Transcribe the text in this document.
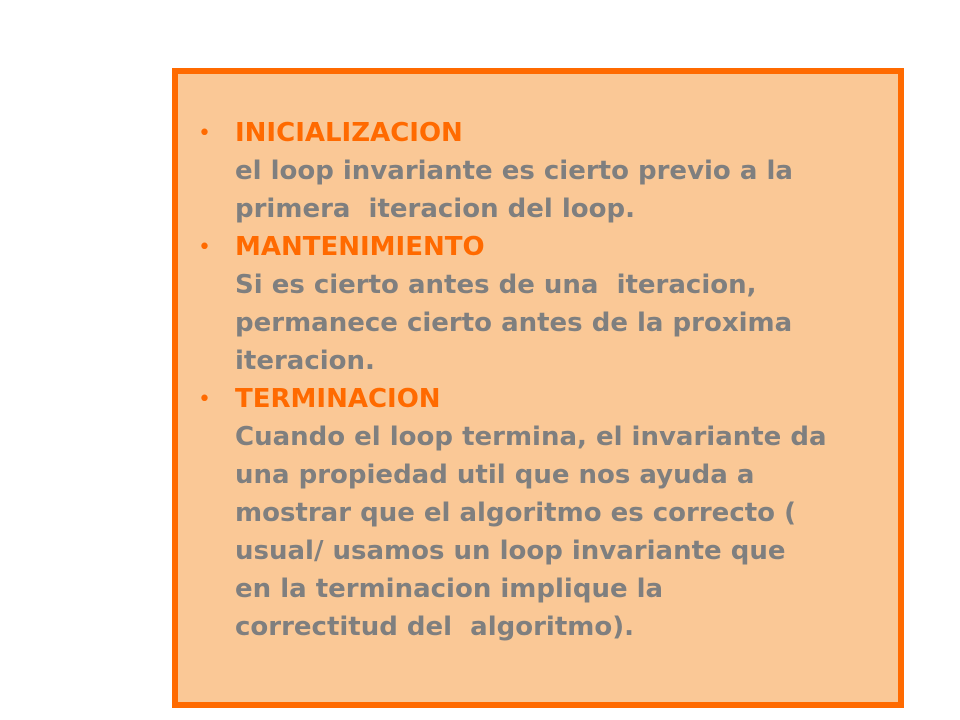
• INICIALIZACION
el loop invariante es cierto previo a la
primera  iteracion del loop.
• MANTENIMIENTO
Si es cierto antes de una  iteracion,
permanece cierto antes de la proxima
iteracion.
• TERMINACION
Cuando el loop termina, el invariante da
una propiedad util que nos ayuda a
mostrar que el algoritmo es correcto (
usual/ usamos un loop invariante que
en la terminacion implique la
correctitud del  algoritmo).
